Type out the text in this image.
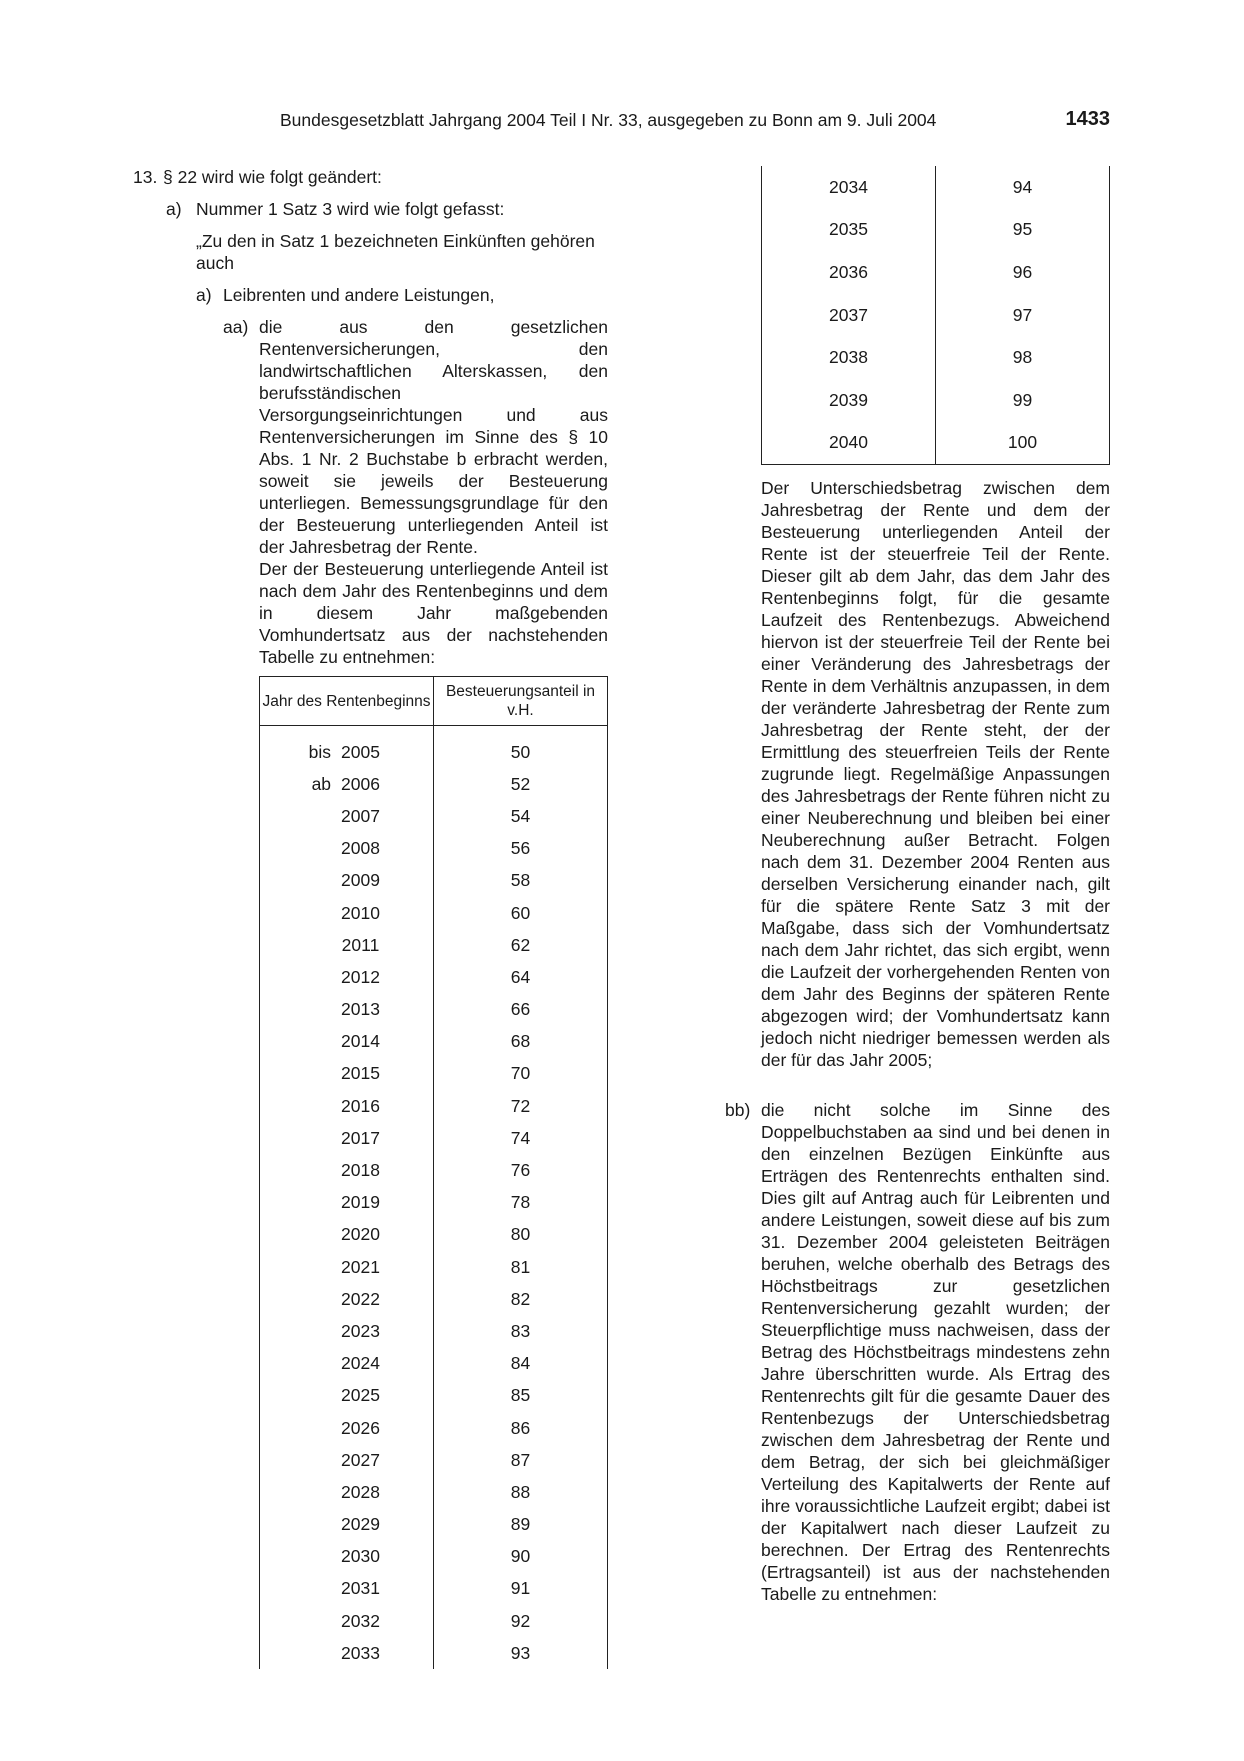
Bundesgesetzblatt Jahrgang 2004 Teil I Nr. 33, ausgegeben zu Bonn am 9. Juli 2004	1433
13. § 22 wird wie folgt geändert:
a) Nummer 1 Satz 3 wird wie folgt gefasst:
„Zu den in Satz 1 bezeichneten Einkünften gehören auch
a) Leibrenten und andere Leistungen,
aa) die aus den gesetzlichen Rentenversicherungen, den landwirtschaftlichen Alterskassen, den berufsständischen Versorgungseinrichtungen und aus Rentenversicherungen im Sinne des § 10 Abs. 1 Nr. 2 Buchstabe b erbracht werden, soweit sie jeweils der Besteuerung unterliegen. Bemessungsgrundlage für den der Besteuerung unterliegenden Anteil ist der Jahresbetrag der Rente.
Der der Besteuerung unterliegende Anteil ist nach dem Jahr des Rentenbeginns und dem in diesem Jahr maßgebenden Vomhundertsatz aus der nachstehenden Tabelle zu entnehmen:
Jahr des Rentenbeginns	Besteuerungsanteil in v.H.

bis 2005	50

ab 2006	52
2007	54
2008	56
2009	58
2010	60
2011	62
2012	64
2013	66
2014	68
2015	70
2016	72
2017	74
2018	76
2019	78
2020	80
2021	81
2022	82
2023	83
2024	84
2025	85
2026	86
2027	87
2028	88
2029	89
2030	90
2031	91
2032	92
2033	93
2034	94
2035	95
2036	96
2037	97
2038	98
2039	99
2040	100
Der Unterschiedsbetrag zwischen dem Jahresbetrag der Rente und dem der Besteuerung unterliegenden Anteil der Rente ist der steuerfreie Teil der Rente. Dieser gilt ab dem Jahr, das dem Jahr des Rentenbeginns folgt, für die gesamte Laufzeit des Rentenbezugs. Abweichend hiervon ist der steuerfreie Teil der Rente bei einer Veränderung des Jahresbetrags der Rente in dem Verhältnis anzupassen, in dem der veränderte Jahresbetrag der Rente zum Jahresbetrag der Rente steht, der der Ermittlung des steuerfreien Teils der Rente zugrunde liegt. Regelmäßige Anpassungen des Jahresbetrags der Rente führen nicht zu einer Neuberechnung und bleiben bei einer Neuberechnung außer Betracht. Folgen nach dem 31. Dezember 2004 Renten aus derselben Versicherung einander nach, gilt für die spätere Rente Satz 3 mit der Maßgabe, dass sich der Vomhundertsatz nach dem Jahr richtet, das sich ergibt, wenn die Laufzeit der vorhergehenden Renten von dem Jahr des Beginns der späteren Rente abgezogen wird; der Vomhundertsatz kann jedoch nicht niedriger bemessen werden als der für das Jahr 2005;
bb) die nicht solche im Sinne des Doppelbuchstaben aa sind und bei denen in den einzelnen Bezügen Einkünfte aus Erträgen des Rentenrechts enthalten sind. Dies gilt auf Antrag auch für Leibrenten und andere Leistungen, soweit diese auf bis zum 31. Dezember 2004 geleisteten Beiträgen beruhen, welche oberhalb des Betrags des Höchstbeitrags zur gesetzlichen Rentenversicherung gezahlt wurden; der Steuerpflichtige muss nachweisen, dass der Betrag des Höchstbeitrags mindestens zehn Jahre überschritten wurde. Als Ertrag des Rentenrechts gilt für die gesamte Dauer des Rentenbezugs der Unterschiedsbetrag zwischen dem Jahresbetrag der Rente und dem Betrag, der sich bei gleichmäßiger Verteilung des Kapitalwerts der Rente auf ihre voraussichtliche Laufzeit ergibt; dabei ist der Kapitalwert nach dieser Laufzeit zu berechnen. Der Ertrag des Rentenrechts (Ertragsanteil) ist aus der nachstehenden Tabelle zu entnehmen:
